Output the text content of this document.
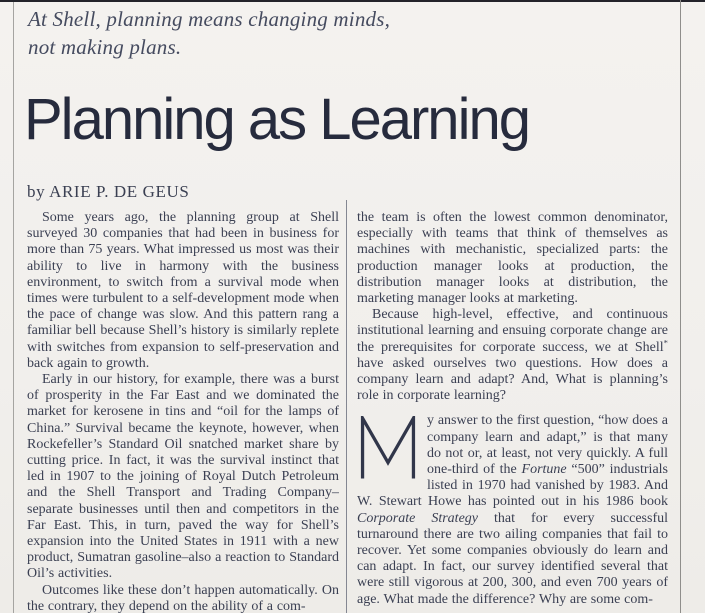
At Shell, planning means changing minds,
not making plans.
Planning as Learning
by ARIE P. DE GEUS

Some years ago, the planning group at Shell surveyed 30 companies that had been in business for more than 75 years. What impressed us most was their ability to live in harmony with the business environment, to switch from a survival mode when times were turbulent to a self-development mode when the pace of change was slow. And this pattern rang a familiar bell because Shell’s history is similarly replete with switches from expansion to self-preservation and back again to growth.

Early in our history, for example, there was a burst of prosperity in the Far East and we dominated the market for kerosene in tins and “oil for the lamps of China.” Survival became the keynote, however, when Rockefeller’s Standard Oil snatched market share by cutting price. In fact, it was the survival instinct that led in 1907 to the joining of Royal Dutch Petroleum and the Shell Transport and Trading Company–separate businesses until then and competitors in the Far East. This, in turn, paved the way for Shell’s expansion into the United States in 1911 with a new product, Sumatran gasoline–also a reaction to Standard Oil’s activities.

Outcomes like these don’t happen automatically. On the contrary, they depend on the ability of a com-

the team is often the lowest common denominator, especially with teams that think of themselves as machines with mechanistic, specialized parts: the production manager looks at production, the distribution manager looks at distribution, the marketing manager looks at marketing.

Because high-level, effective, and continuous institutional learning and ensuing corporate change are the prerequisites for corporate success, we at Shell* have asked ourselves two questions. How does a company learn and adapt? And, What is planning’s role in corporate learning?

y answer to the first question, “how does a company learn and adapt,” is that many do not or, at least, not very quickly. A full one-third of the Fortune “500” industrials listed in 1970 had vanished by 1983. And W. Stewart Howe has pointed out in his 1986 book Corporate Strategy that for every successful turnaround there are two ailing companies that fail to recover. Yet some companies obviously do learn and can adapt. In fact, our survey identified several that were still vigorous at 200, 300, and even 700 years of age. What made the difference? Why are some com-
